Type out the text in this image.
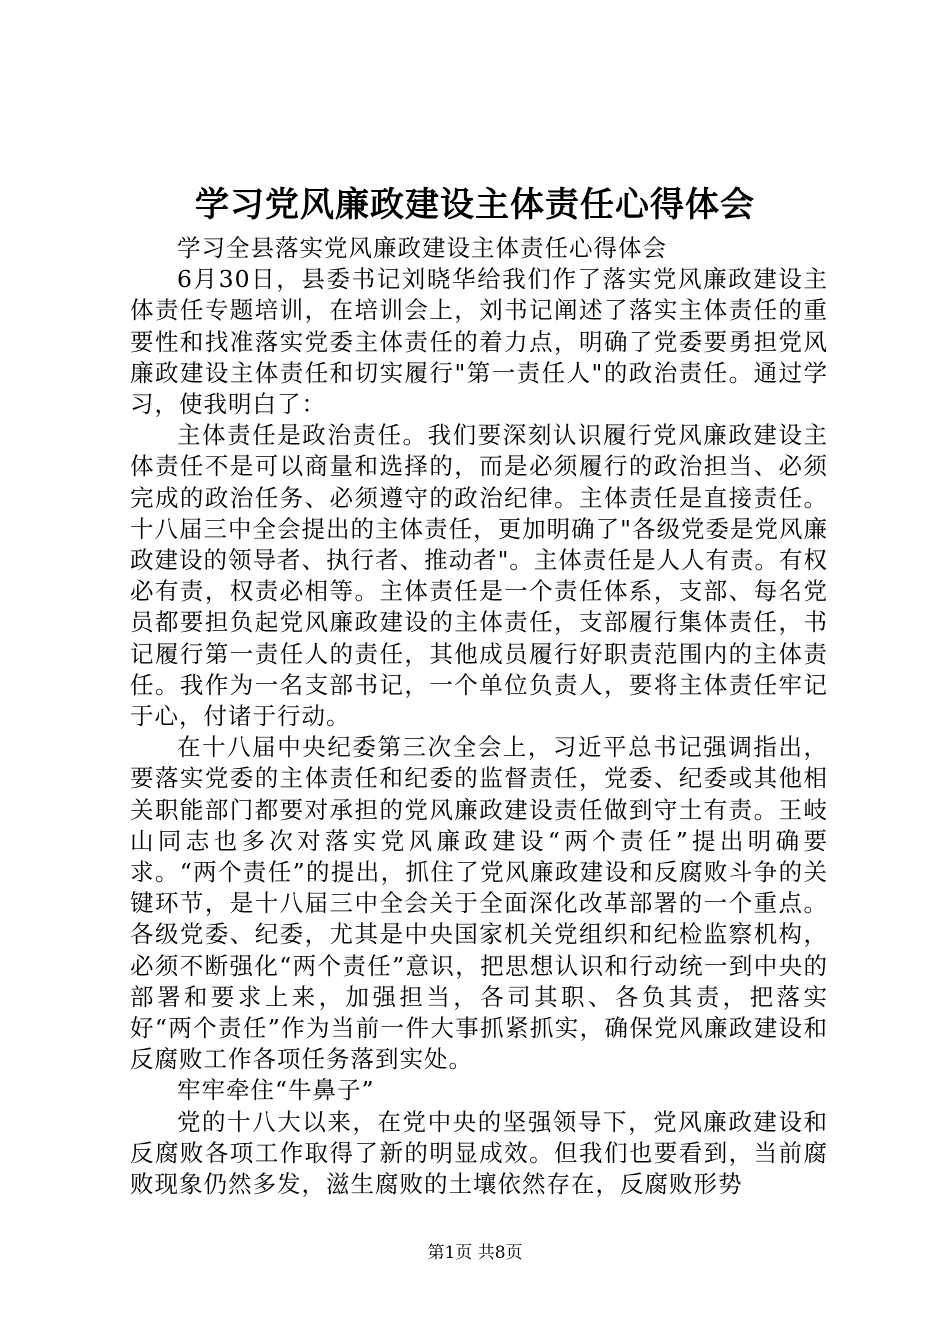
学习党风廉政建设主体责任心得体会

学习全县落实党风廉政建设主体责任心得体会

6月30日，县委书记刘晓华给我们作了落实党风廉政建设主体责任专题培训，在培训会上，刘书记阐述了落实主体责任的重要性和找准落实党委主体责任的着力点，明确了党委要勇担党风廉政建设主体责任和切实履行"第一责任人"的政治责任。通过学习，使我明白了：

主体责任是政治责任。我们要深刻认识履行党风廉政建设主体责任不是可以商量和选择的，而是必须履行的政治担当、必须完成的政治任务、必须遵守的政治纪律。主体责任是直接责任。十八届三中全会提出的主体责任，更加明确了"各级党委是党风廉政建设的领导者、执行者、推动者"。主体责任是人人有责。有权必有责，权责必相等。主体责任是一个责任体系，支部、每名党员都要担负起党风廉政建设的主体责任，支部履行集体责任，书记履行第一责任人的责任，其他成员履行好职责范围内的主体责任。我作为一名支部书记，一个单位负责人，要将主体责任牢记于心，付诸于行动。

在十八届中央纪委第三次全会上，习近平总书记强调指出，要落实党委的主体责任和纪委的监督责任，党委、纪委或其他相关职能部门都要对承担的党风廉政建设责任做到守土有责。王岐山同志也多次对落实党风廉政建设“两个责任”提出明确要求。“两个责任”的提出，抓住了党风廉政建设和反腐败斗争的关键环节，是十八届三中全会关于全面深化改革部署的一个重点。各级党委、纪委，尤其是中央国家机关党组织和纪检监察机构，必须不断强化“两个责任”意识，把思想认识和行动统一到中央的部署和要求上来，加强担当，各司其职、各负其责，把落实好“两个责任”作为当前一件大事抓紧抓实，确保党风廉政建设和反腐败工作各项任务落到实处。

牢牢牵住“牛鼻子”

党的十八大以来，在党中央的坚强领导下，党风廉政建设和反腐败各项工作取得了新的明显成效。但我们也要看到，当前腐败现象仍然多发，滋生腐败的土壤依然存在，反腐败形势

第1页 共8页
